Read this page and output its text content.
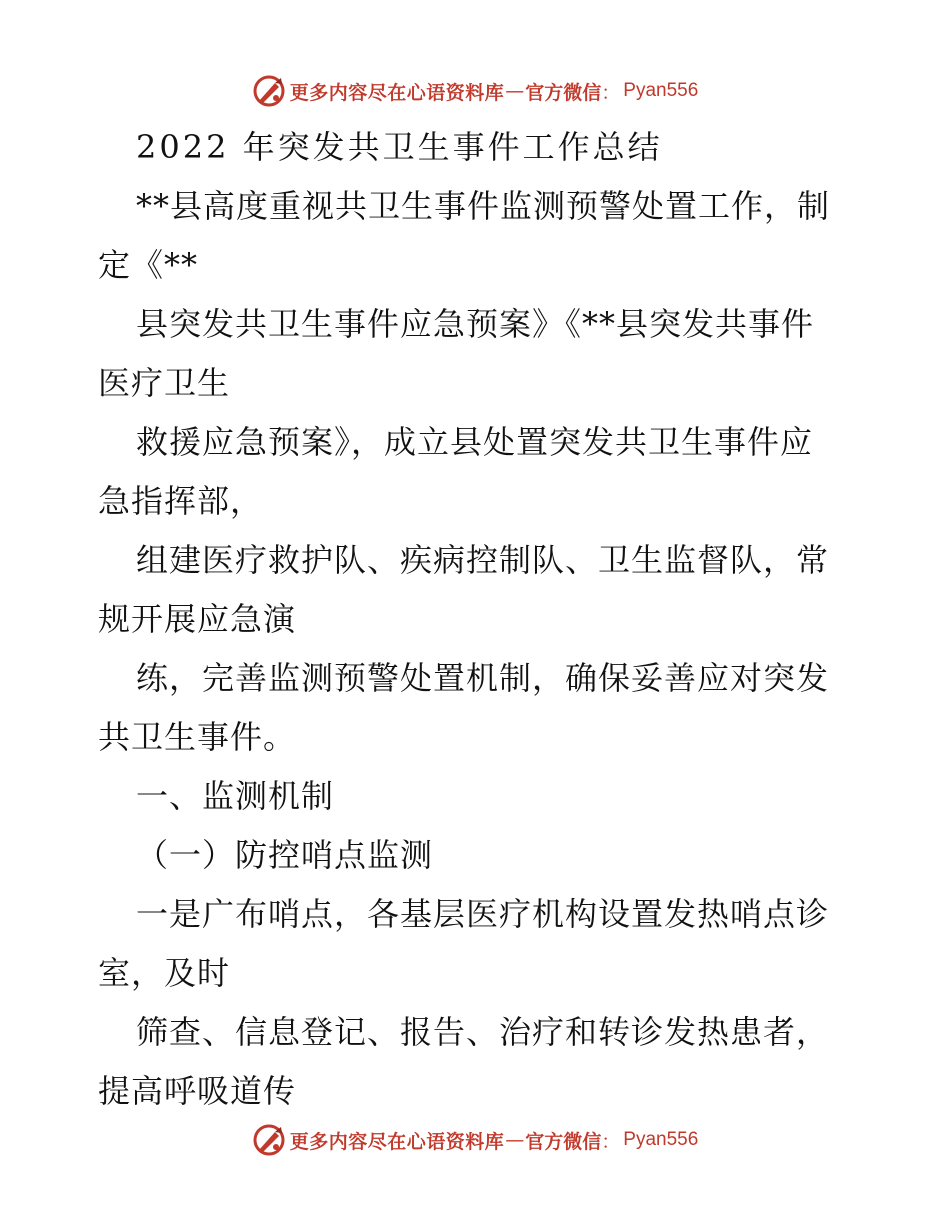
更多内容尽在心语资料库 — 官方微信 ： Pyan556
2022 年突发共卫生事件工作总结
**县高度重视共卫生事件监测预警处置工作，制
定《**
县突发共卫生事件应急预案》《**县突发共事件
医疗卫生
救援应急预案》，成立县处置突发共卫生事件应
急指挥部，
组建医疗救护队、疾病控制队、卫生监督队，常
规开展应急演
练，完善监测预警处置机制，确保妥善应对突发
共卫生事件。
一、监测机制
（一）防控哨点监测
一是广布哨点，各基层医疗机构设置发热哨点诊
室，及时
筛查、信息登记、报告、治疗和转诊发热患者，
提高呼吸道传
更多内容尽在心语资料库 — 官方微信 ： Pyan556
